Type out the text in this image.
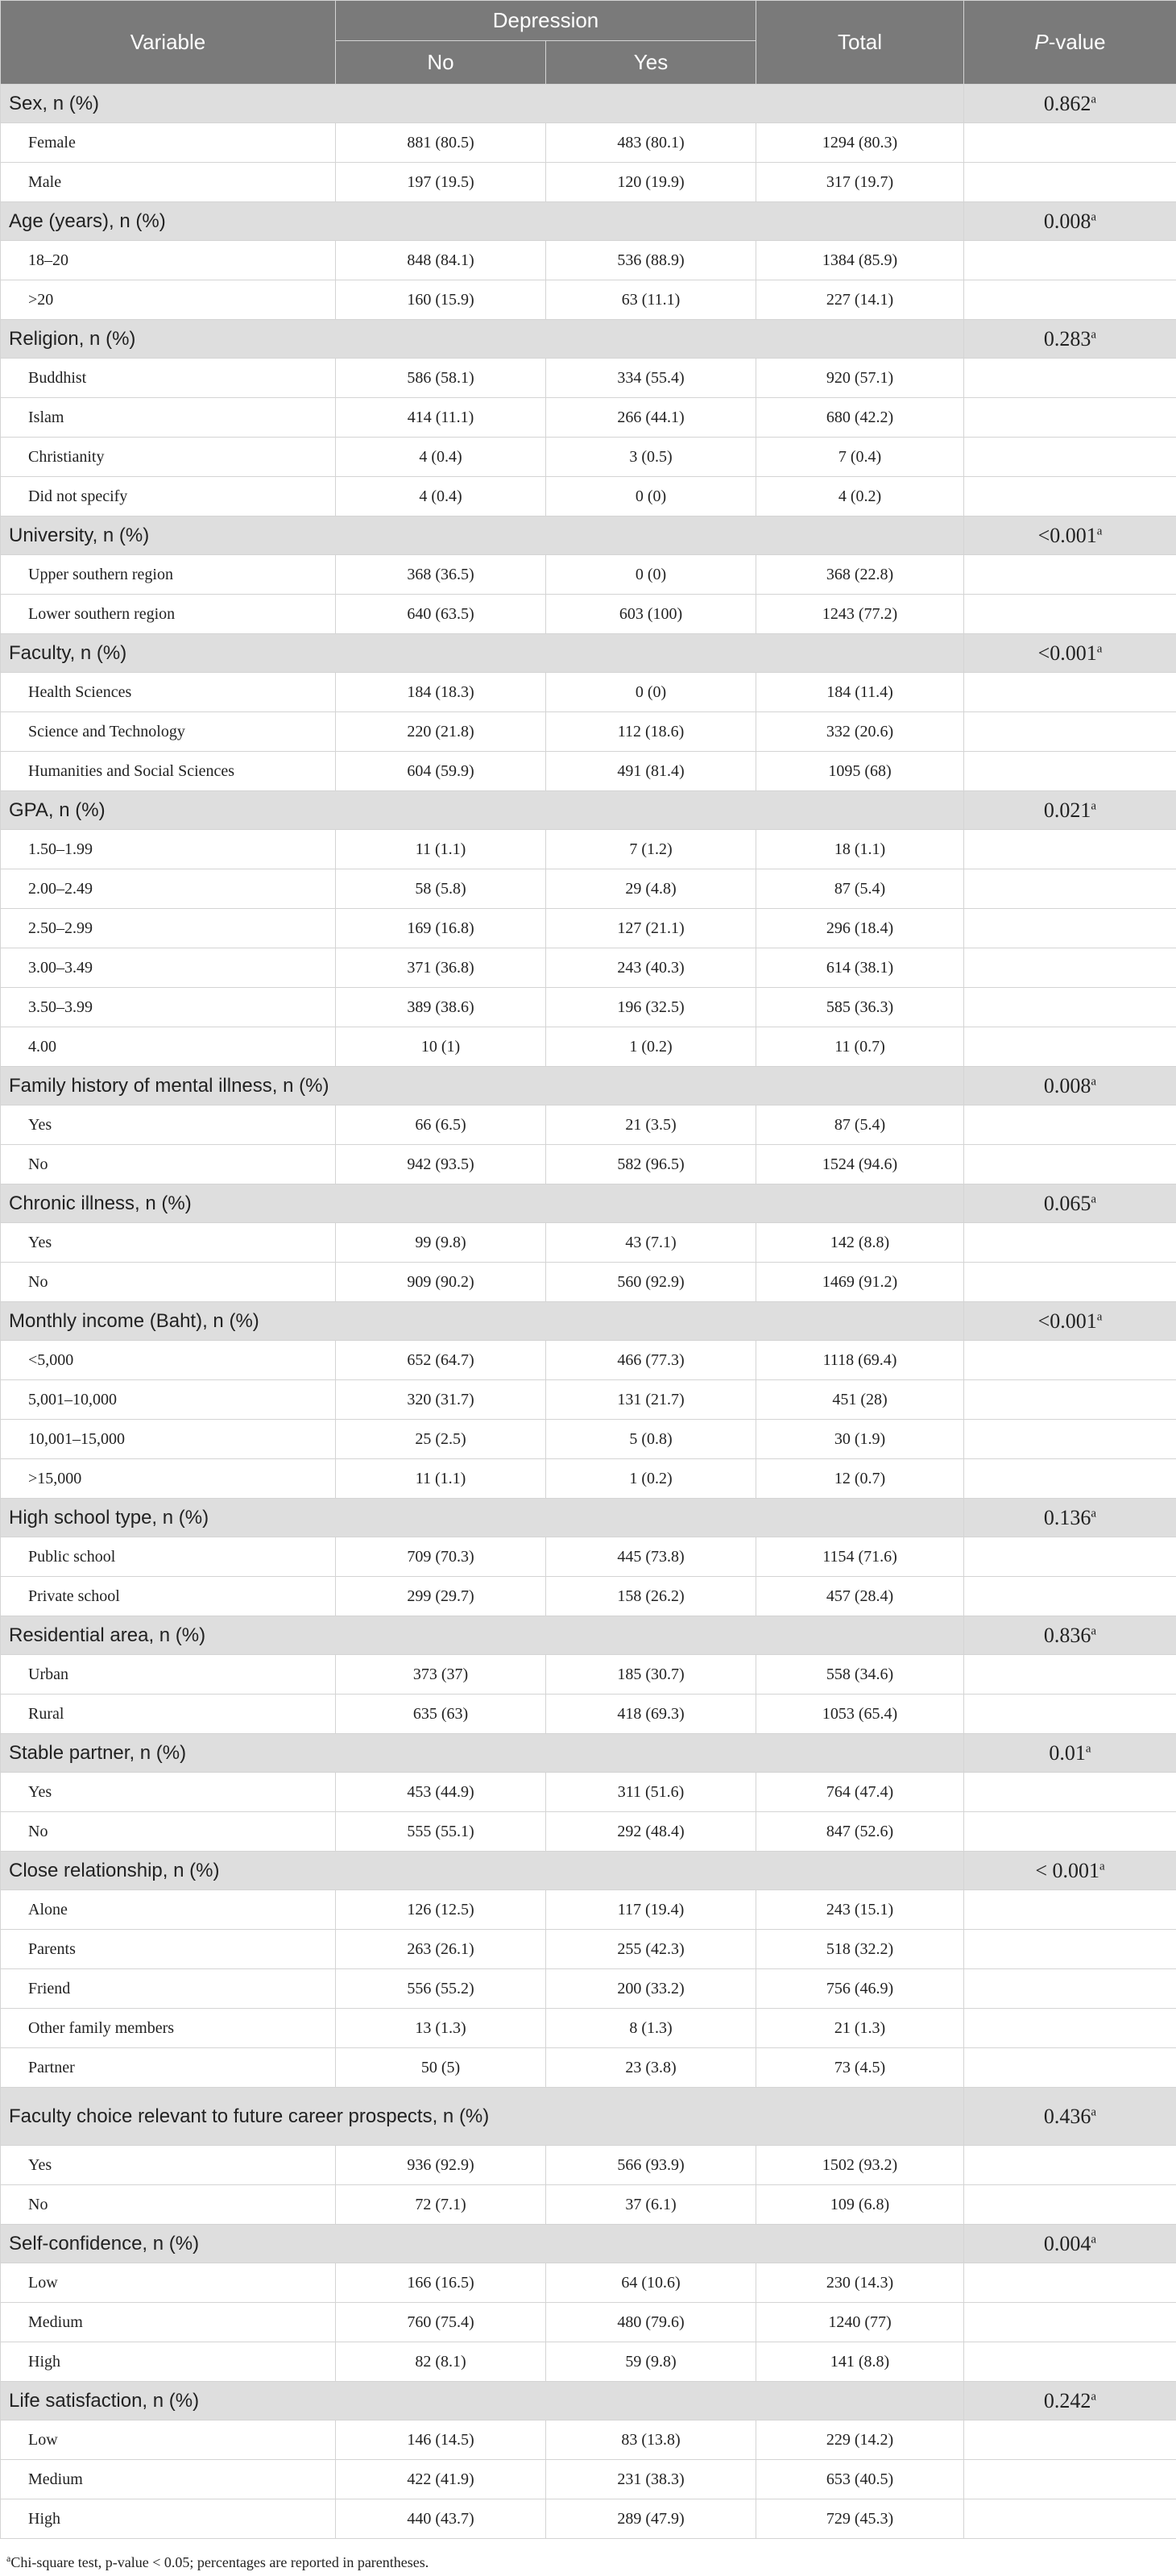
Variable	Depression		Total	P-value
	No	Yes		
Sex, n (%)				0.862$^a$
Female	881 (80.5)	483 (80.1)	1294 (80.3)	
Male	197 (19.5)	120 (19.9)	317 (19.7)	
Age (years), n (%)				0.008$^a$
18–20	848 (84.1)	536 (88.9)	1384 (85.9)	
>20	160 (15.9)	63 (11.1)	227 (14.1)	
Religion, n (%)				0.283$^a$
Buddhist	586 (58.1)	334 (55.4)	920 (57.1)	
Islam	414 (11.1)	266 (44.1)	680 (42.2)	
Christianity	4 (0.4)	3 (0.5)	7 (0.4)	
Did not specify	4 (0.4)	0 (0)	4 (0.2)	
University, n (%)				<0.001$^a$
Upper southern region	368 (36.5)	0 (0)	368 (22.8)	
Lower southern region	640 (63.5)	603 (100)	1243 (77.2)	
Faculty, n (%)				<0.001$^a$
Health Sciences	184 (18.3)	0 (0)	184 (11.4)	
Science and Technology	220 (21.8)	112 (18.6)	332 (20.6)	
Humanities and Social Sciences	604 (59.9)	491 (81.4)	1095 (68)	
GPA, n (%)				0.021$^a$
1.50–1.99	11 (1.1)	7 (1.2)	18 (1.1)	
2.00–2.49	58 (5.8)	29 (4.8)	87 (5.4)	
2.50–2.99	169 (16.8)	127 (21.1)	296 (18.4)	
3.00–3.49	371 (36.8)	243 (40.3)	614 (38.1)	
3.50–3.99	389 (38.6)	196 (32.5)	585 (36.3)	
4.00	10 (1)	1 (0.2)	11 (0.7)	
Family history of mental illness, n (%)				0.008$^a$
Yes	66 (6.5)	21 (3.5)	87 (5.4)	
No	942 (93.5)	582 (96.5)	1524 (94.6)	
Chronic illness, n (%)				0.065$^a$
Yes	99 (9.8)	43 (7.1)	142 (8.8)	
No	909 (90.2)	560 (92.9)	1469 (91.2)	
Monthly income (Baht), n (%)				<0.001$^a$
<5,000	652 (64.7)	466 (77.3)	1118 (69.4)	
5,001–10,000	320 (31.7)	131 (21.7)	451 (28)	
10,001–15,000	25 (2.5)	5 (0.8)	30 (1.9)	
>15,000	11 (1.1)	1 (0.2)	12 (0.7)	
High school type, n (%)				0.136$^a$
Public school	709 (70.3)	445 (73.8)	1154 (71.6)	
Private school	299 (29.7)	158 (26.2)	457 (28.4)	
Residential area, n (%)				0.836$^a$
Urban	373 (37)	185 (30.7)	558 (34.6)	
Rural	635 (63)	418 (69.3)	1053 (65.4)	
Stable partner, n (%)				0.01$^a$
Yes	453 (44.9)	311 (51.6)	764 (47.4)	
No	555 (55.1)	292 (48.4)	847 (52.6)	
Close relationship, n (%)				< 0.001$^a$
Alone	126 (12.5)	117 (19.4)	243 (15.1)	
Parents	263 (26.1)	255 (42.3)	518 (32.2)	
Friend	556 (55.2)	200 (33.2)	756 (46.9)	
Other family members	13 (1.3)	8 (1.3)	21 (1.3)	
Partner	50 (5)	23 (3.8)	73 (4.5)	
Faculty choice relevant to future career prospects, n (%)				0.436$^a$
Yes	936 (92.9)	566 (93.9)	1502 (93.2)	
No	72 (7.1)	37 (6.1)	109 (6.8)	
Self-confidence, n (%)				0.004$^a$
Low	166 (16.5)	64 (10.6)	230 (14.3)	
Medium	760 (75.4)	480 (79.6)	1240 (77)	
High	82 (8.1)	59 (9.8)	141 (8.8)	
Life satisfaction, n (%)				0.242$^a$
Low	146 (14.5)	83 (13.8)	229 (14.2)	
Medium	422 (41.9)	231 (38.3)	653 (40.5)	
High	440 (43.7)	289 (47.9)	729 (45.3)	
$^a$Chi-square test, p-value < 0.05; percentages are reported in parentheses.
